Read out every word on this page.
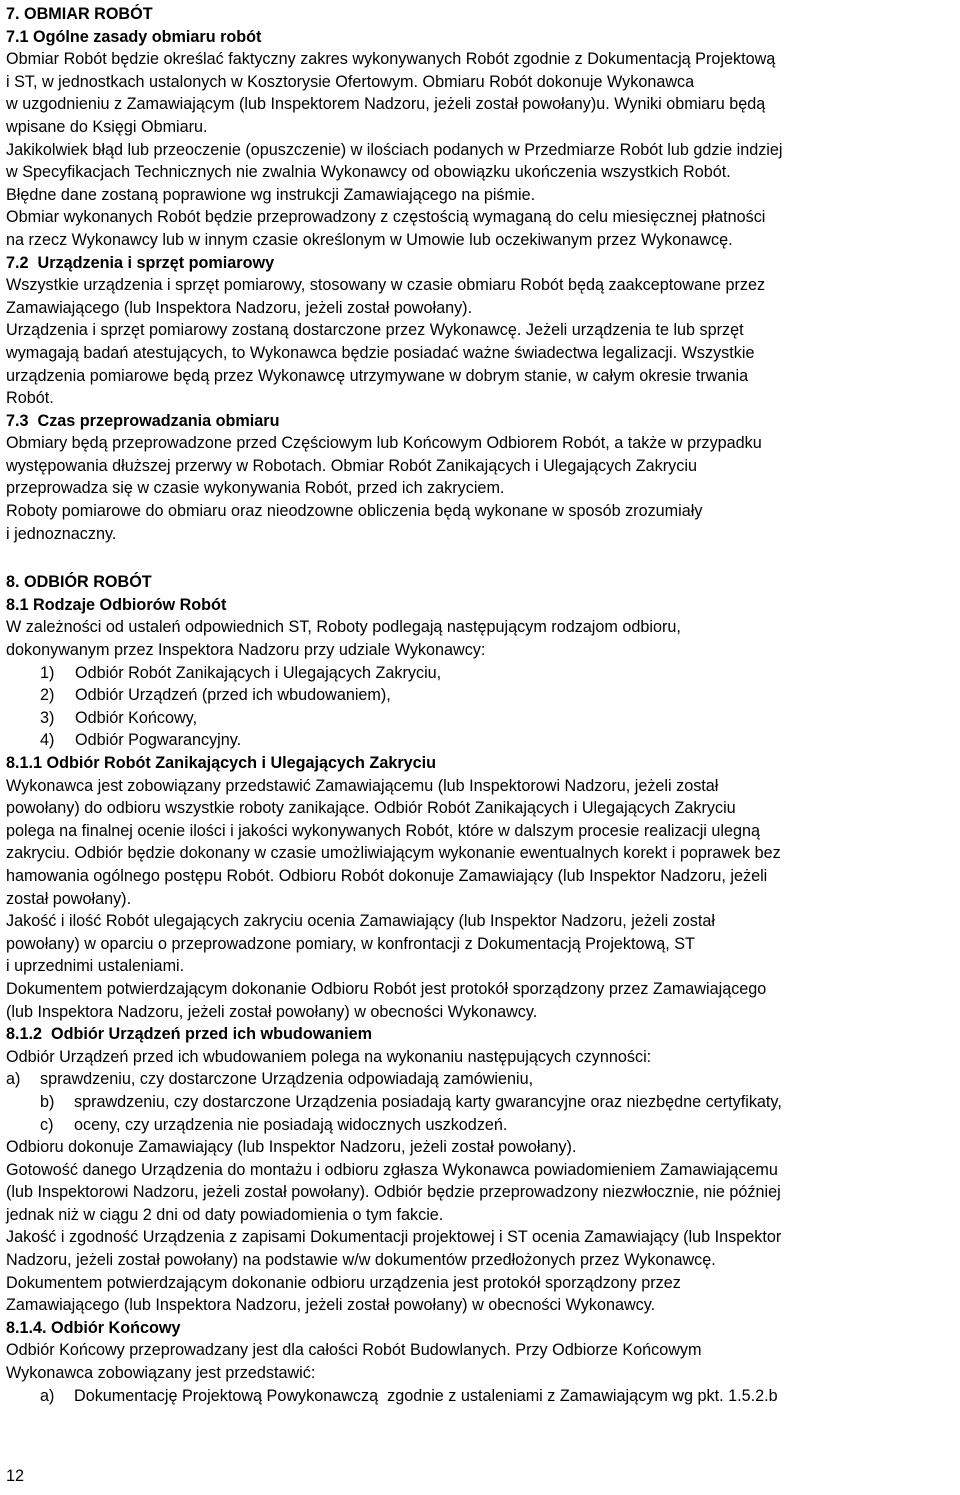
7. OBMIAR ROBÓT
7.1 Ogólne zasady obmiaru robót
Obmiar Robót będzie określać faktyczny zakres wykonywanych Robót zgodnie z Dokumentacją Projektową
i ST, w jednostkach ustalonych w Kosztorysie Ofertowym. Obmiaru Robót dokonuje Wykonawca
w uzgodnieniu z Zamawiającym (lub Inspektorem Nadzoru, jeżeli został powołany)u. Wyniki obmiaru będą
wpisane do Księgi Obmiaru.
Jakikolwiek błąd lub przeoczenie (opuszczenie) w ilościach podanych w Przedmiarze Robót lub gdzie indziej
w Specyfikacjach Technicznych nie zwalnia Wykonawcy od obowiązku ukończenia wszystkich Robót.
Błędne dane zostaną poprawione wg instrukcji Zamawiającego na piśmie.
Obmiar wykonanych Robót będzie przeprowadzony z częstością wymaganą do celu miesięcznej płatności
na rzecz Wykonawcy lub w innym czasie określonym w Umowie lub oczekiwanym przez Wykonawcę.
7.2  Urządzenia i sprzęt pomiarowy
Wszystkie urządzenia i sprzęt pomiarowy, stosowany w czasie obmiaru Robót będą zaakceptowane przez
Zamawiającego (lub Inspektora Nadzoru, jeżeli został powołany).
Urządzenia i sprzęt pomiarowy zostaną dostarczone przez Wykonawcę. Jeżeli urządzenia te lub sprzęt
wymagają badań atestujących, to Wykonawca będzie posiadać ważne świadectwa legalizacji. Wszystkie
urządzenia pomiarowe będą przez Wykonawcę utrzymywane w dobrym stanie, w całym okresie trwania
Robót.
7.3  Czas przeprowadzania obmiaru
Obmiary będą przeprowadzone przed Częściowym lub Końcowym Odbiorem Robót, a także w przypadku
występowania dłuższej przerwy w Robotach. Obmiar Robót Zanikających i Ulegających Zakryciu
przeprowadza się w czasie wykonywania Robót, przed ich zakryciem.
Roboty pomiarowe do obmiaru oraz nieodzowne obliczenia będą wykonane w sposób zrozumiały
i jednoznaczny.
8. ODBIÓR ROBÓT
8.1 Rodzaje Odbiorów Robót
W zależności od ustaleń odpowiednich ST, Roboty podlegają następującym rodzajom odbioru,
dokonywanym przez Inspektora Nadzoru przy udziale Wykonawcy:
1)	Odbiór Robót Zanikających i Ulegających Zakryciu,
2)	Odbiór Urządzeń (przed ich wbudowaniem),
3)	Odbiór Końcowy,
4)	Odbiór Pogwarancyjny.
8.1.1 Odbiór Robót Zanikających i Ulegających Zakryciu
Wykonawca jest zobowiązany przedstawić Zamawiającemu (lub Inspektorowi Nadzoru, jeżeli został
powołany) do odbioru wszystkie roboty zanikające. Odbiór Robót Zanikających i Ulegających Zakryciu
polega na finalnej ocenie ilości i jakości wykonywanych Robót, które w dalszym procesie realizacji ulegną
zakryciu. Odbiór będzie dokonany w czasie umożliwiającym wykonanie ewentualnych korekt i poprawek bez
hamowania ogólnego postępu Robót. Odbioru Robót dokonuje Zamawiający (lub Inspektor Nadzoru, jeżeli
został powołany).
Jakość i ilość Robót ulegających zakryciu ocenia Zamawiający (lub Inspektor Nadzoru, jeżeli został
powołany) w oparciu o przeprowadzone pomiary, w konfrontacji z Dokumentacją Projektową, ST
i uprzednimi ustaleniami.
Dokumentem potwierdzającym dokonanie Odbioru Robót jest protokół sporządzony przez Zamawiającego
(lub Inspektora Nadzoru, jeżeli został powołany) w obecności Wykonawcy.
8.1.2  Odbiór Urządzeń przed ich wbudowaniem
Odbiór Urządzeń przed ich wbudowaniem polega na wykonaniu następujących czynności:
a)	sprawdzeniu, czy dostarczone Urządzenia odpowiadają zamówieniu,
b)	sprawdzeniu, czy dostarczone Urządzenia posiadają karty gwarancyjne oraz niezbędne certyfikaty,
c)	oceny, czy urządzenia nie posiadają widocznych uszkodzeń.
Odbioru dokonuje Zamawiający (lub Inspektor Nadzoru, jeżeli został powołany).
Gotowość danego Urządzenia do montażu i odbioru zgłasza Wykonawca powiadomieniem Zamawiającemu
(lub Inspektorowi Nadzoru, jeżeli został powołany). Odbiór będzie przeprowadzony niezwłocznie, nie później
jednak niż w ciągu 2 dni od daty powiadomienia o tym fakcie.
Jakość i zgodność Urządzenia z zapisami Dokumentacji projektowej i ST ocenia Zamawiający (lub Inspektor
Nadzoru, jeżeli został powołany) na podstawie w/w dokumentów przedłożonych przez Wykonawcę.
Dokumentem potwierdzającym dokonanie odbioru urządzenia jest protokół sporządzony przez
Zamawiającego (lub Inspektora Nadzoru, jeżeli został powołany) w obecności Wykonawcy.
8.1.4. Odbiór Końcowy
Odbiór Końcowy przeprowadzany jest dla całości Robót Budowlanych. Przy Odbiorze Końcowym
Wykonawca zobowiązany jest przedstawić:
a)	Dokumentację Projektową Powykonawczą  zgodnie z ustaleniami z Zamawiającym wg pkt. 1.5.2.b
12
